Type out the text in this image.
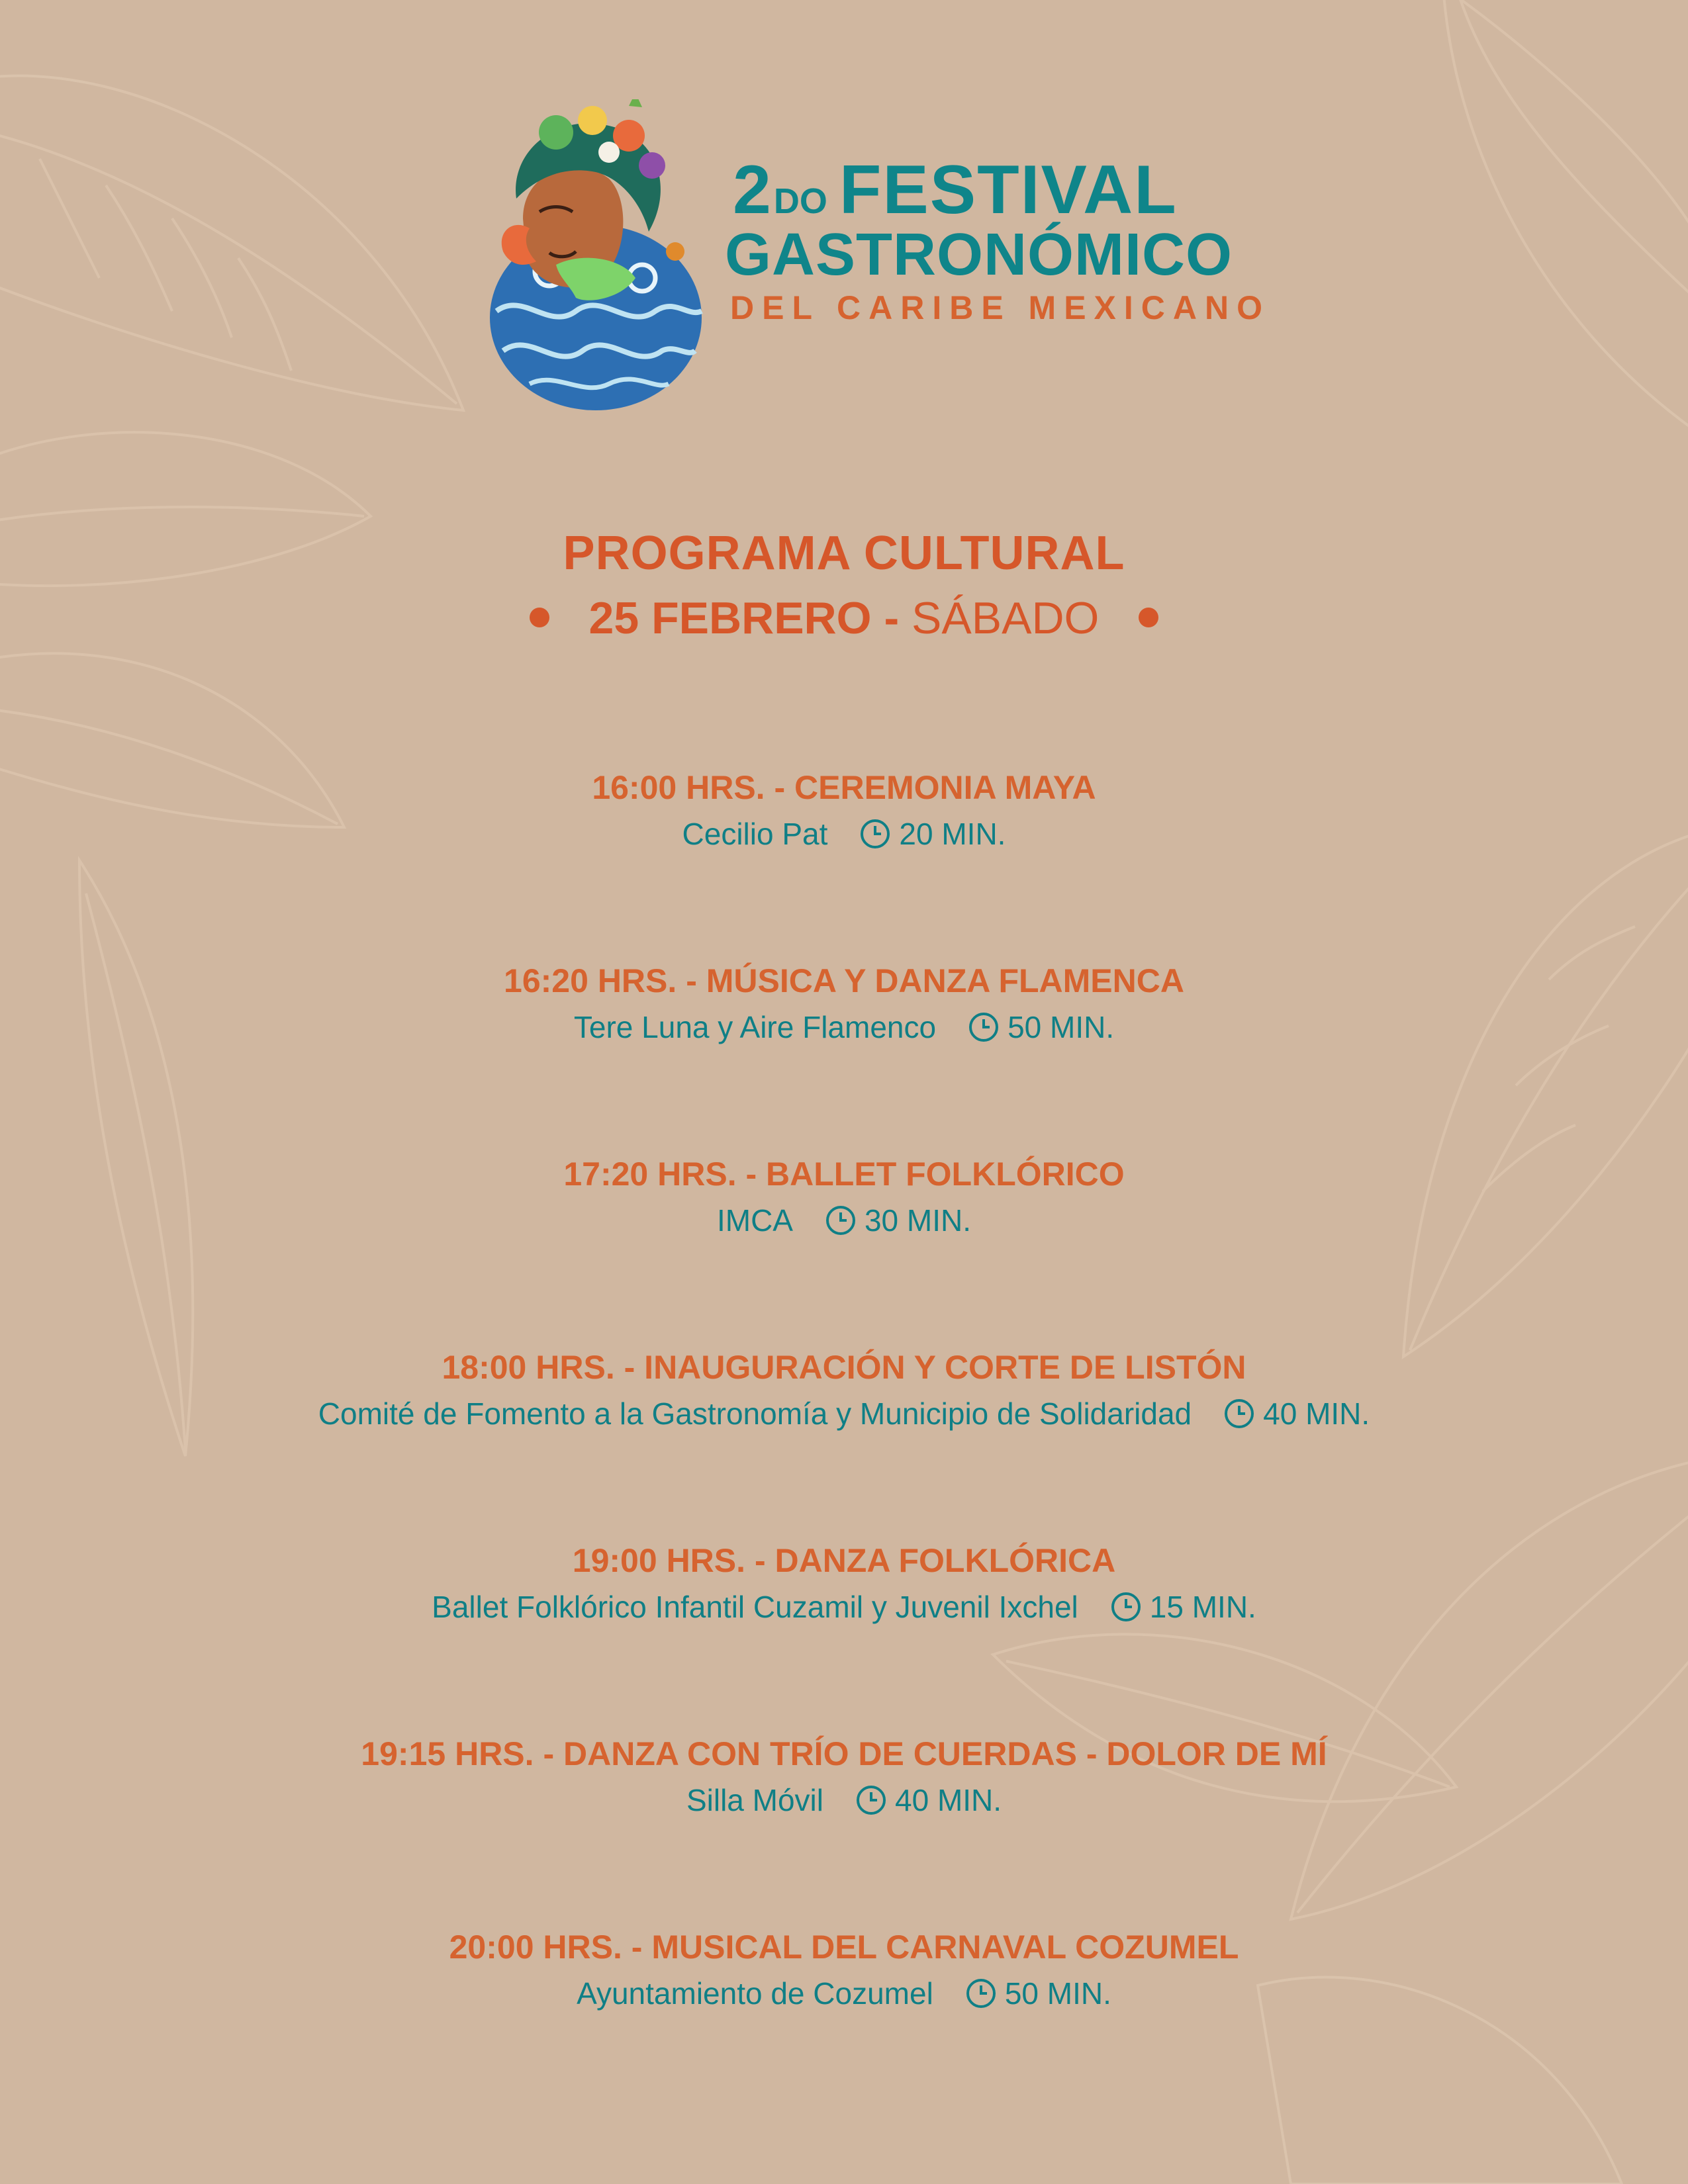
2DO FESTIVAL
GASTRONÓMICO
DEL CARIBE MEXICANO
PROGRAMA CULTURAL
25 FEBRERO - SÁBADO
16:00 HRS. - CEREMONIA MAYA
Cecilio Pat 20 MIN.
16:20 HRS. - MÚSICA Y DANZA FLAMENCA
Tere Luna y Aire Flamenco 50 MIN.
17:20 HRS. - BALLET FOLKLÓRICO
IMCA 30 MIN.
18:00 HRS. - INAUGURACIÓN Y CORTE DE LISTÓN
Comité de Fomento a la Gastronomía y Municipio de Solidaridad 40 MIN.
19:00 HRS. - DANZA FOLKLÓRICA
Ballet Folklórico Infantil Cuzamil y Juvenil Ixchel 15 MIN.
19:15 HRS. - DANZA CON TRÍO DE CUERDAS - DOLOR DE MÍ
Silla Móvil 40 MIN.
20:00 HRS. - MUSICAL DEL CARNAVAL COZUMEL
Ayuntamiento de Cozumel 50 MIN.
